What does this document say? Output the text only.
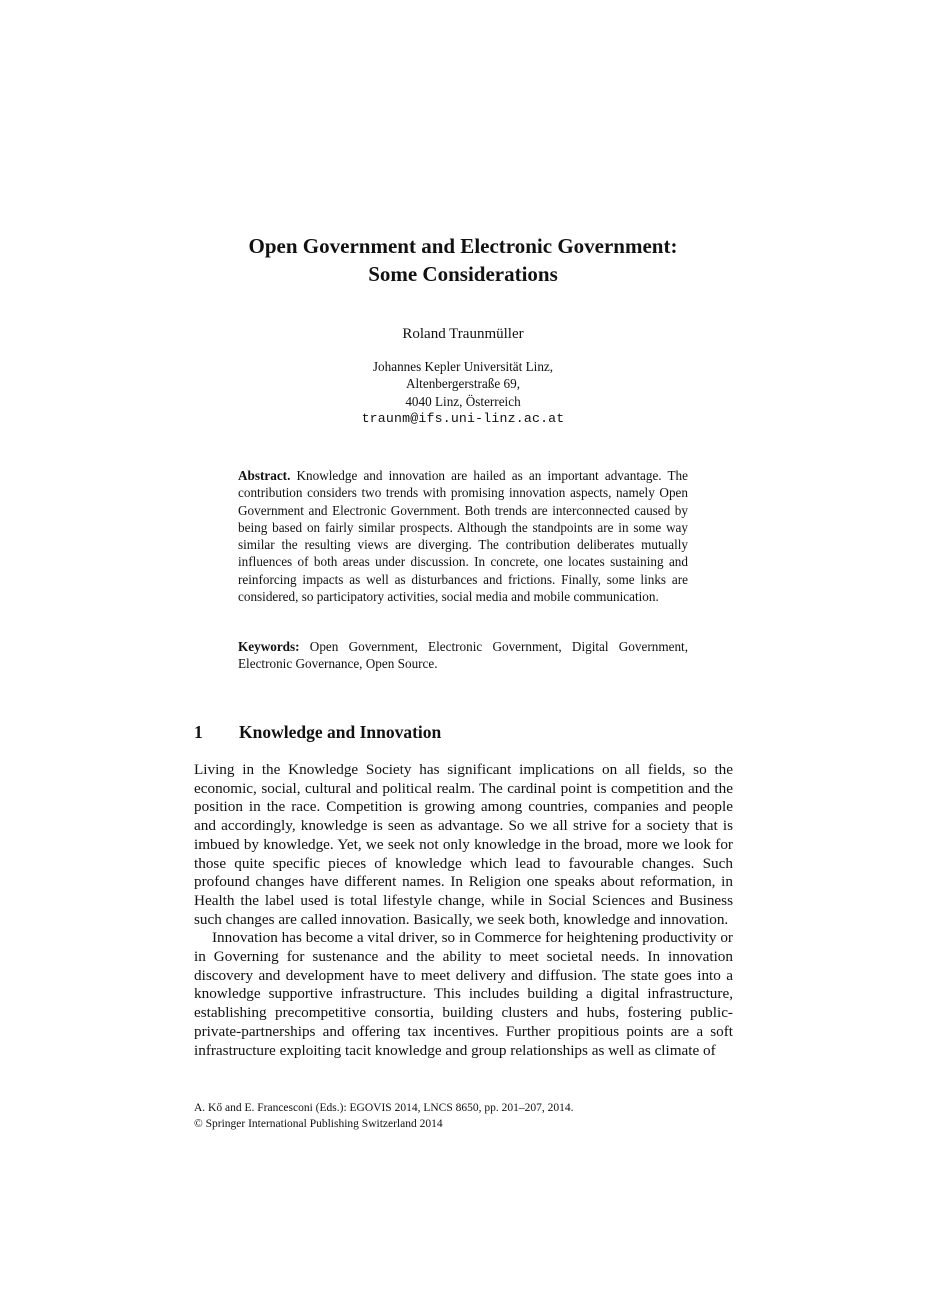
Open Government and Electronic Government:
Some Considerations
Roland Traunmüller
Johannes Kepler Universität Linz,
Altenbergerstraße 69,
4040 Linz, Österreich
traunm@ifs.uni-linz.ac.at

Abstract. Knowledge and innovation are hailed as an important advantage. The contribution considers two trends with promising innovation aspects, namely Open Government and Electronic Government. Both trends are interconnected caused by being based on fairly similar prospects. Although the standpoints are in some way similar the resulting views are diverging. The contribution deliberates mutually influences of both areas under discussion. In concrete, one locates sustaining and reinforcing impacts as well as disturbances and frictions. Finally, some links are considered, so participatory activities, social media and mobile communication.

Keywords: Open Government, Electronic Government, Digital Government, Electronic Governance, Open Source.

1 Knowledge and Innovation

Living in the Knowledge Society has significant implications on all fields, so the economic, social, cultural and political realm. The cardinal point is competition and the position in the race. Competition is growing among countries, companies and people and accordingly, knowledge is seen as advantage. So we all strive for a society that is imbued by knowledge. Yet, we seek not only knowledge in the broad, more we look for those quite specific pieces of knowledge which lead to favourable changes. Such profound changes have different names. In Religion one speaks about reformation, in Health the label used is total lifestyle change, while in Social Sciences and Business such changes are called innovation. Basically, we seek both, knowledge and innovation.

Innovation has become a vital driver, so in Commerce for heightening productivity or in Governing for sustenance and the ability to meet societal needs. In innovation discovery and development have to meet delivery and diffusion. The state goes into a knowledge supportive infrastructure. This includes building a digital infrastructure, establishing precompetitive consortia, building clusters and hubs, fostering public-private-partnerships and offering tax incentives. Further propitious points are a soft infrastructure exploiting tacit knowledge and group relationships as well as climate of

A. Kő and E. Francesconi (Eds.): EGOVIS 2014, LNCS 8650, pp. 201–207, 2014.
© Springer International Publishing Switzerland 2014
